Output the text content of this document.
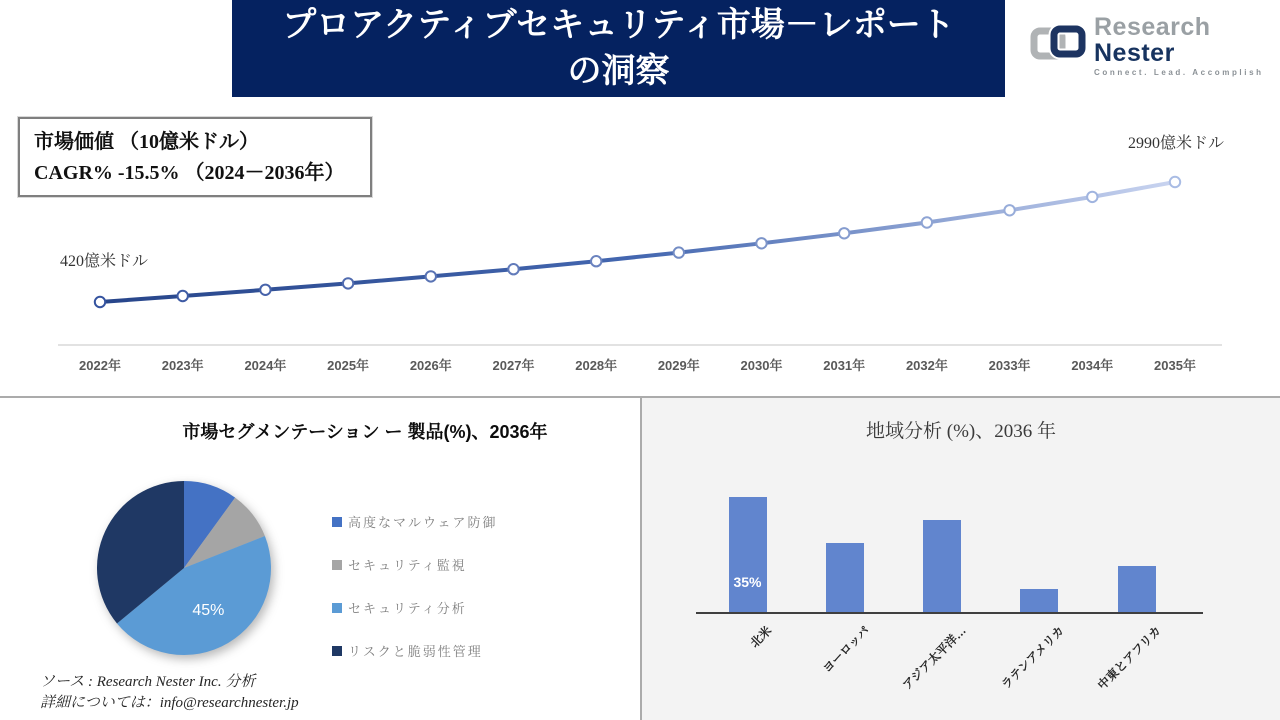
プロアクティブセキュリティ市場－レポート
の洞察
Research Nester
Connect. Lead. Accomplish
市場価値 （10億米ドル）
CAGR% -15.5% （2024－2036年）
2022年	2023年	2024年	2025年	2026年	2027年	2028年	2029年	2030年	2031年	2032年	2033年	2034年	2035年
420億米ドル
2990億米ドル
市場セグメンテーション ー 製品(%)、2036年
45%
高度なマルウェア防御
セキュリティ監視
セキュリティ分析
リスクと脆弱性管理
ソース : Research Nester Inc. 分析
詳細については：info@researchnester.jp
地域分析 (%)、2036 年
35%
北米	ヨーロッパ アジア太平洋… ラテンアメリカ 中東とアフリカ
